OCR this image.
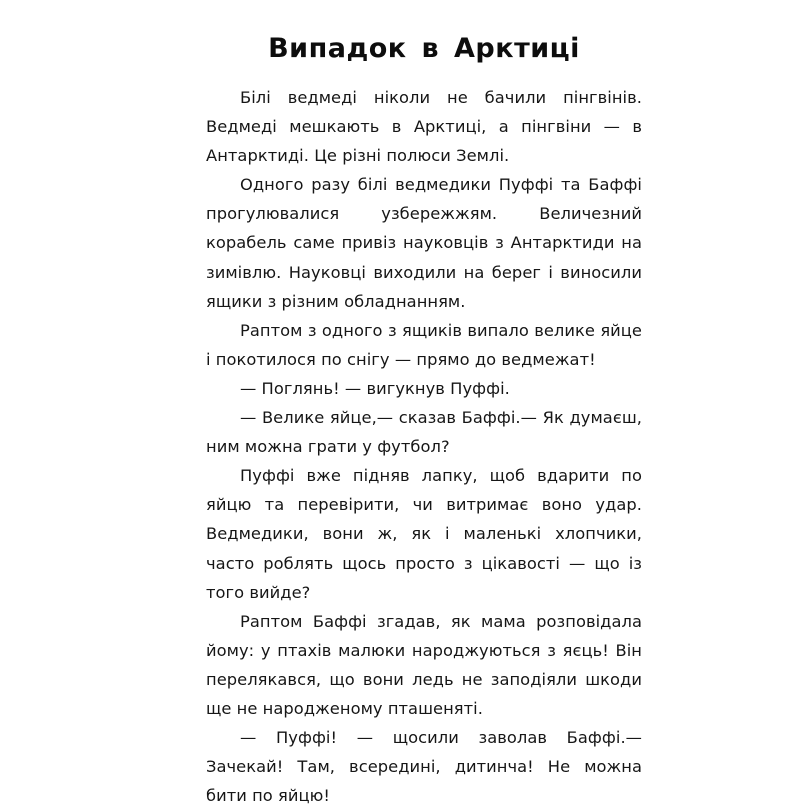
Випадок в Арктиці

Білі ведмеді ніколи не бачили пінгвінів. Ведмеді мешкають в Арктиці, а пінгвіни — в Антарктиді. Це різні полюси Землі.

Одного разу білі ведмедики Пуффі та Баффі прогулювалися узбережжям. Величезний корабель саме привіз науковців з Антарктиди на зимівлю. Науковці виходили на берег і виносили ящики з різним обладнанням.

Раптом з одного з ящиків випало велике яйце і покотилося по снігу — прямо до ведмежат!

— Поглянь! — вигукнув Пуффі.

— Велике яйце,— сказав Баффі.— Як думаєш, ним можна грати у футбол?

Пуффі вже підняв лапку, щоб вдарити по яйцю та перевірити, чи витримає воно удар. Ведмедики, вони ж, як і маленькі хлопчики, часто роблять щось просто з цікавості — що із того вийде?

Раптом Баффі згадав, як мама розповідала йому: у птахів малюки народжуються з яєць! Він перелякався, що вони ледь не заподіяли шкоди ще не народженому пташеняті.

— Пуффі! — щосили заволав Баффі.— Зачекай! Там, всередині, дитинча! Не можна бити по яйцю!
